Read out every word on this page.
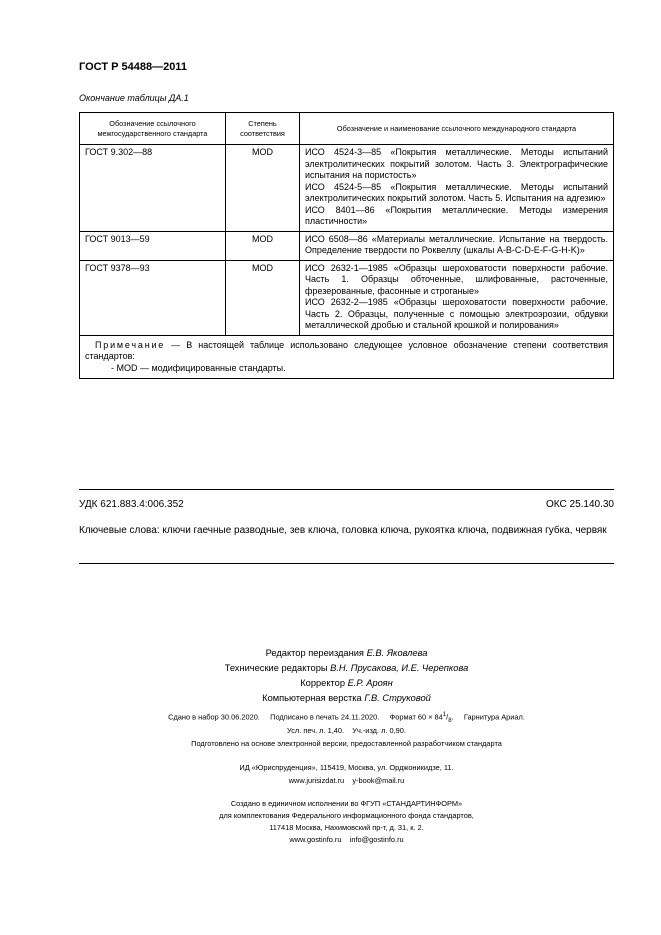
ГОСТ Р 54488—2011
Окончание таблицы ДА.1
Обозначение ссылочного межгосударственного стандарта	Степень соответствия	Обозначение и наименование ссылочного международного стандарта
ГОСТ 9.302—88	MOD	ИСО 4524-3—85 «Покрытия металлические. Методы испытаний электролитических покрытий золотом. Часть 3. Электрографические испытания на пористость»
ИСО 4524-5—85 «Покрытия металлические. Методы испытаний электролитических покрытий золотом. Часть 5. Испытания на адгезию»
ИСО 8401—86 «Покрытия металлические. Методы измерения пластичности»

ГОСТ 9013—59	MOD	ИСО 6508—86 «Материалы металлические. Испытание на твердость. Определение твердости по Роквеллу (шкалы A-B-C-D-E-F-G-H-K)»

ГОСТ 9378—93	MOD	ИСО 2632-1—1985 «Образцы шероховатости поверхности рабочие. Часть 1. Образцы обточенные, шлифованные, расточенные, фрезерованные, фасонные и строганые»
ИСО 2632-2—1985 «Образцы шероховатости поверхности рабочие. Часть 2. Образцы, полученные с помощью электроэрозии, обдувки металлической дробью и стальной крошкой и полирования»

Примечание — В настоящей таблице использовано следующее условное обозначение степени соответствия стандартов:
- MOD — модифицированные стандарты.		
УДК 621.883.4:006.352	ОКС 25.140.30
Ключевые слова: ключи гаечные разводные, зев ключа, головка ключа, рукоятка ключа, подвижная губка, червяк
Редактор переиздания Е.В. Яковлева
Технические редакторы В.Н. Прусакова, И.Е. Черепкова
Корректор Е.Р. Ароян
Компьютерная верстка Г.В. Струковой
Сдано в набор 30.06.2020. Подписано в печать 24.11.2020. Формат $60 \times 84^1/_8$.     Гарнитура Ариал.
Усл. печ. л. 1,40. Уч.-изд. л. 0,90.
Подготовлено на основе электронной версии, предоставленной разработчиком стандарта
ИД «Юриспруденция», 115419, Москва, ул. Орджоникидзе, 11.
www.jurisizdat.ru y-book@mail.ru
Создано в единичном исполнении во ФГУП «СТАНДАРТИНФОРМ»
для комплектования Федерального информационного фонда стандартов,
117418 Москва, Нахимовский пр-т, д. 31, к. 2.
www.gostinfo.ru info@gostinfo.ru
